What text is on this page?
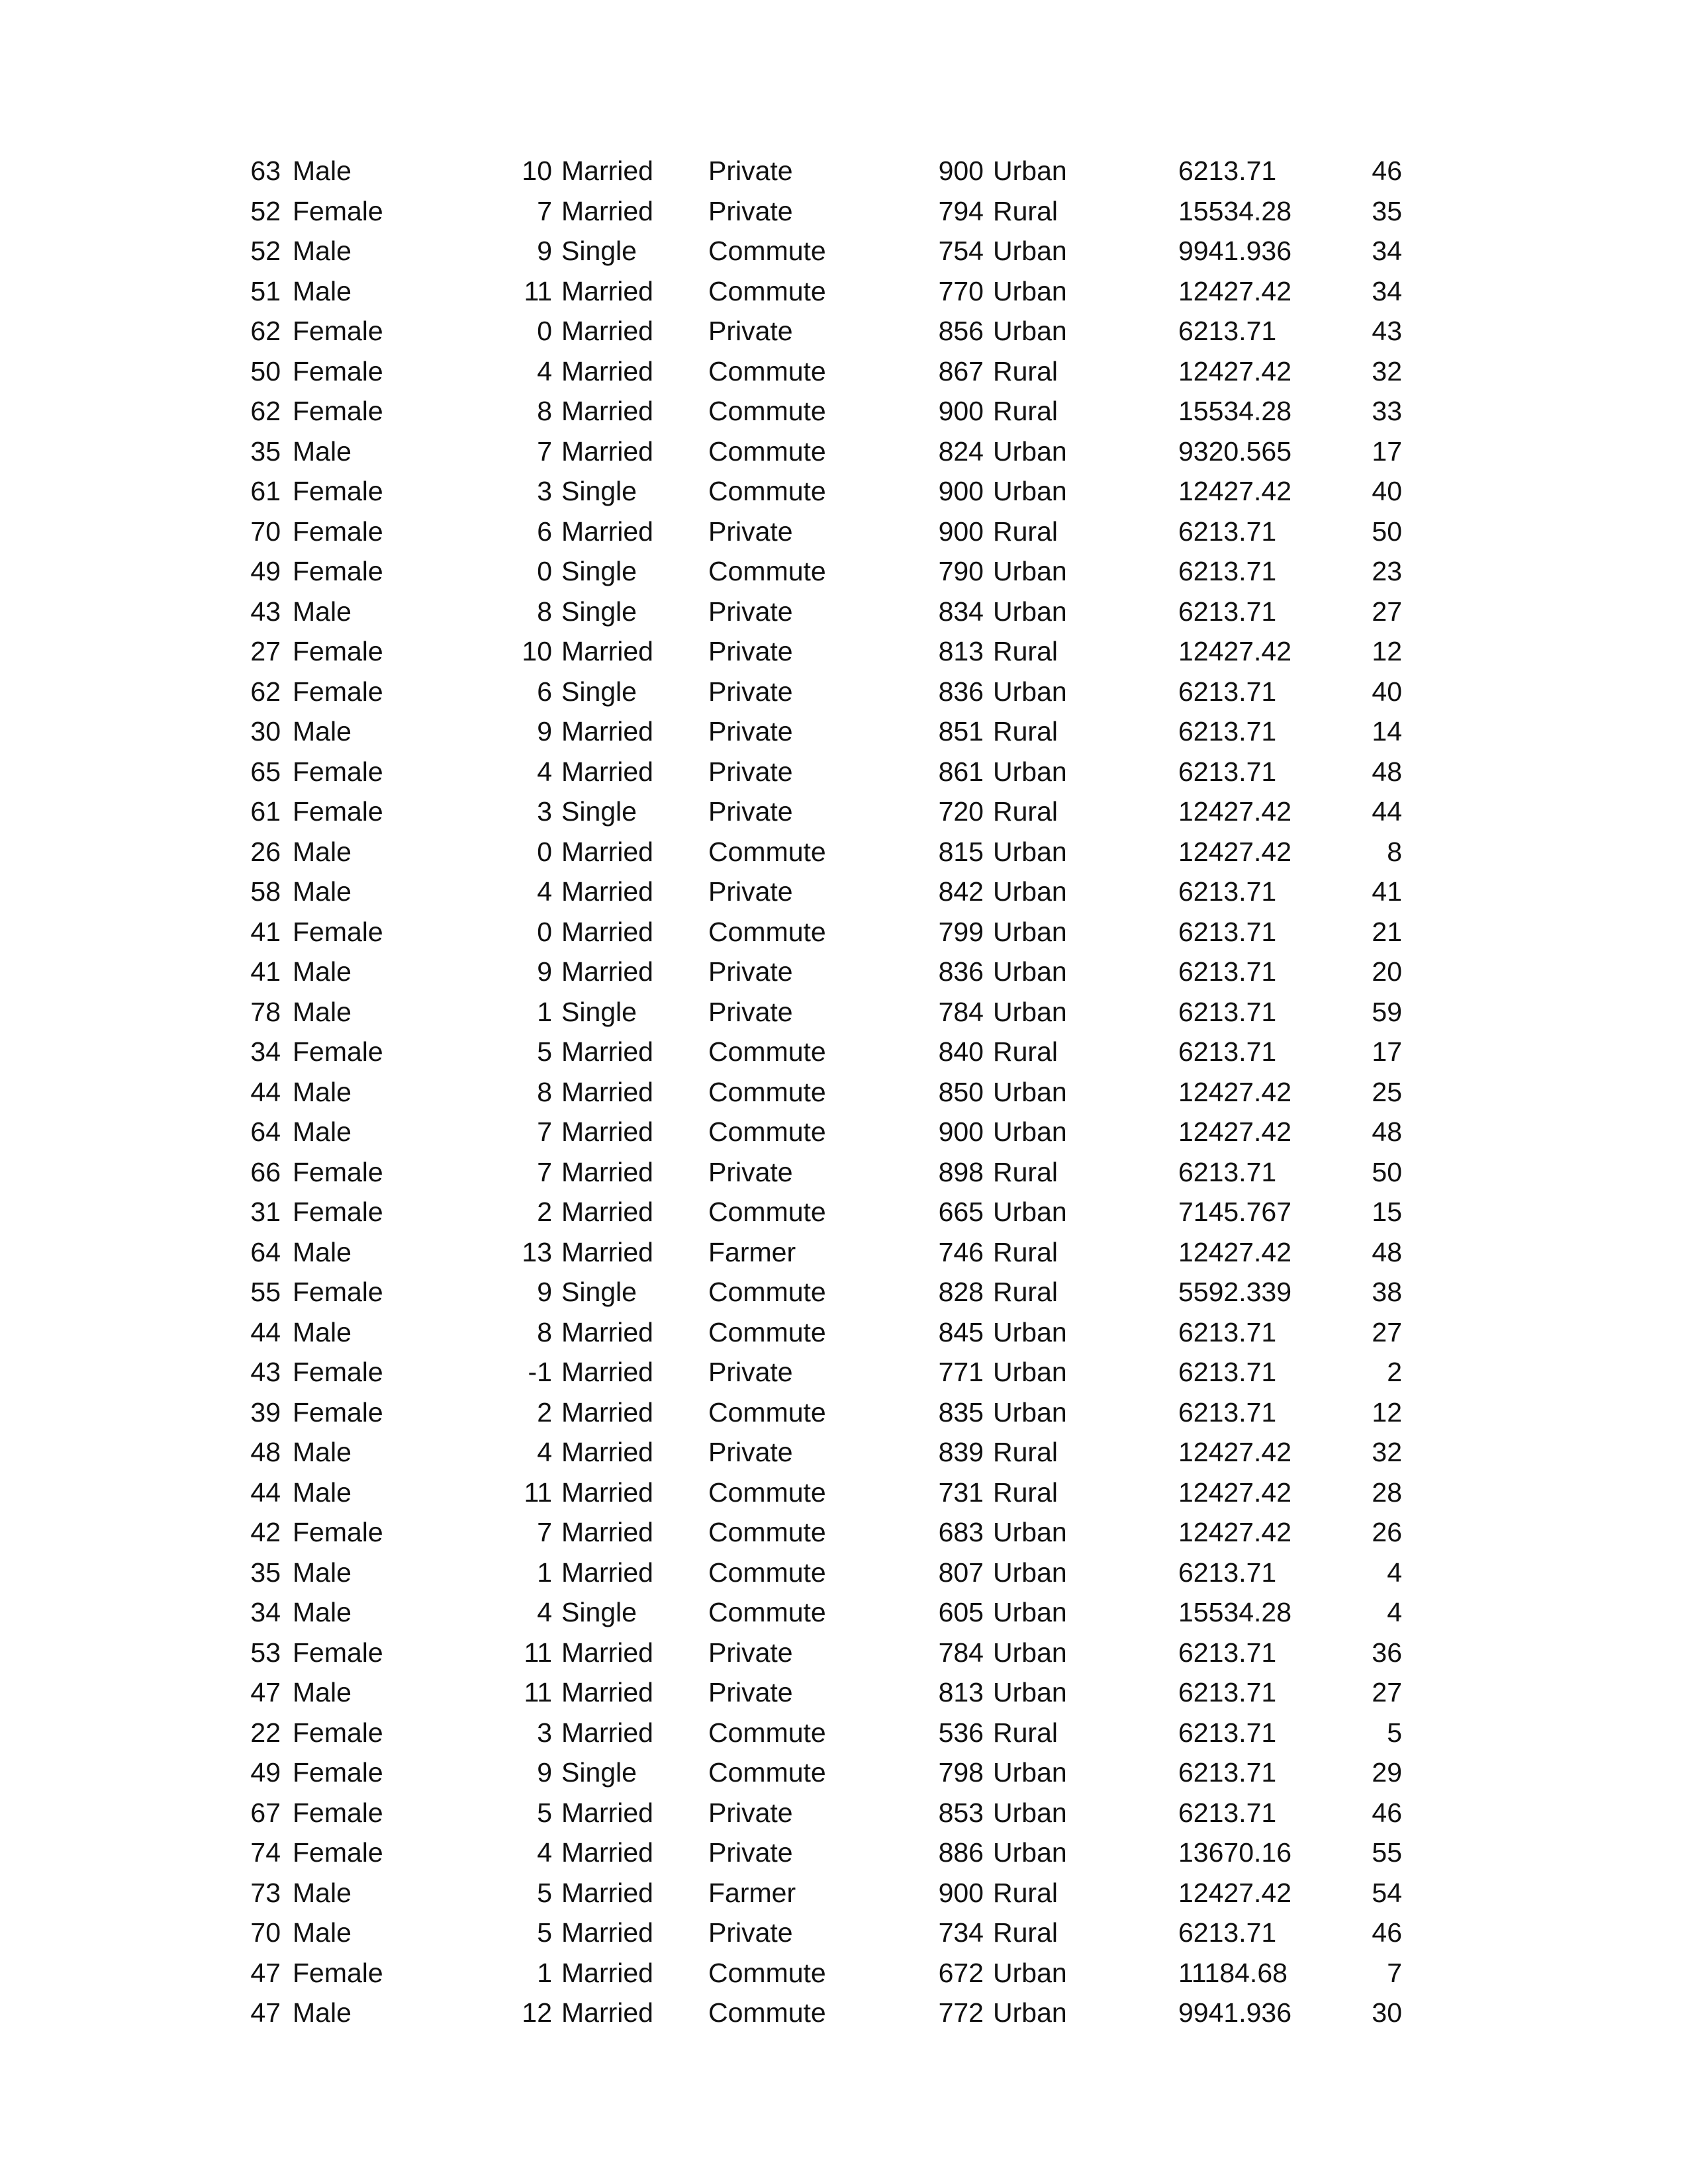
63	Male	10	Married	Private	900	Urban	6213.71	46
52	Female	7	Married	Private	794	Rural	15534.28	35
52	Male	9	Single	Commute	754	Urban	9941.936	34
51	Male	11	Married	Commute	770	Urban	12427.42	34
62	Female	0	Married	Private	856	Urban	6213.71	43
50	Female	4	Married	Commute	867	Rural	12427.42	32
62	Female	8	Married	Commute	900	Rural	15534.28	33
35	Male	7	Married	Commute	824	Urban	9320.565	17
61	Female	3	Single	Commute	900	Urban	12427.42	40
70	Female	6	Married	Private	900	Rural	6213.71	50
49	Female	0	Single	Commute	790	Urban	6213.71	23
43	Male	8	Single	Private	834	Urban	6213.71	27
27	Female	10	Married	Private	813	Rural	12427.42	12
62	Female	6	Single	Private	836	Urban	6213.71	40
30	Male	9	Married	Private	851	Rural	6213.71	14
65	Female	4	Married	Private	861	Urban	6213.71	48
61	Female	3	Single	Private	720	Rural	12427.42	44
26	Male	0	Married	Commute	815	Urban	12427.42	8
58	Male	4	Married	Private	842	Urban	6213.71	41
41	Female	0	Married	Commute	799	Urban	6213.71	21
41	Male	9	Married	Private	836	Urban	6213.71	20
78	Male	1	Single	Private	784	Urban	6213.71	59
34	Female	5	Married	Commute	840	Rural	6213.71	17
44	Male	8	Married	Commute	850	Urban	12427.42	25
64	Male	7	Married	Commute	900	Urban	12427.42	48
66	Female	7	Married	Private	898	Rural	6213.71	50
31	Female	2	Married	Commute	665	Urban	7145.767	15
64	Male	13	Married	Farmer	746	Rural	12427.42	48
55	Female	9	Single	Commute	828	Rural	5592.339	38
44	Male	8	Married	Commute	845	Urban	6213.71	27
43	Female	-1	Married	Private	771	Urban	6213.71	2
39	Female	2	Married	Commute	835	Urban	6213.71	12
48	Male	4	Married	Private	839	Rural	12427.42	32
44	Male	11	Married	Commute	731	Rural	12427.42	28
42	Female	7	Married	Commute	683	Urban	12427.42	26
35	Male	1	Married	Commute	807	Urban	6213.71	4
34	Male	4	Single	Commute	605	Urban	15534.28	4
53	Female	11	Married	Private	784	Urban	6213.71	36
47	Male	11	Married	Private	813	Urban	6213.71	27
22	Female	3	Married	Commute	536	Rural	6213.71	5
49	Female	9	Single	Commute	798	Urban	6213.71	29
67	Female	5	Married	Private	853	Urban	6213.71	46
74	Female	4	Married	Private	886	Urban	13670.16	55
73	Male	5	Married	Farmer	900	Rural	12427.42	54
70	Male	5	Married	Private	734	Rural	6213.71	46
47	Female	1	Married	Commute	672	Urban	11184.68	7
47	Male	12	Married	Commute	772	Urban	9941.936	30
